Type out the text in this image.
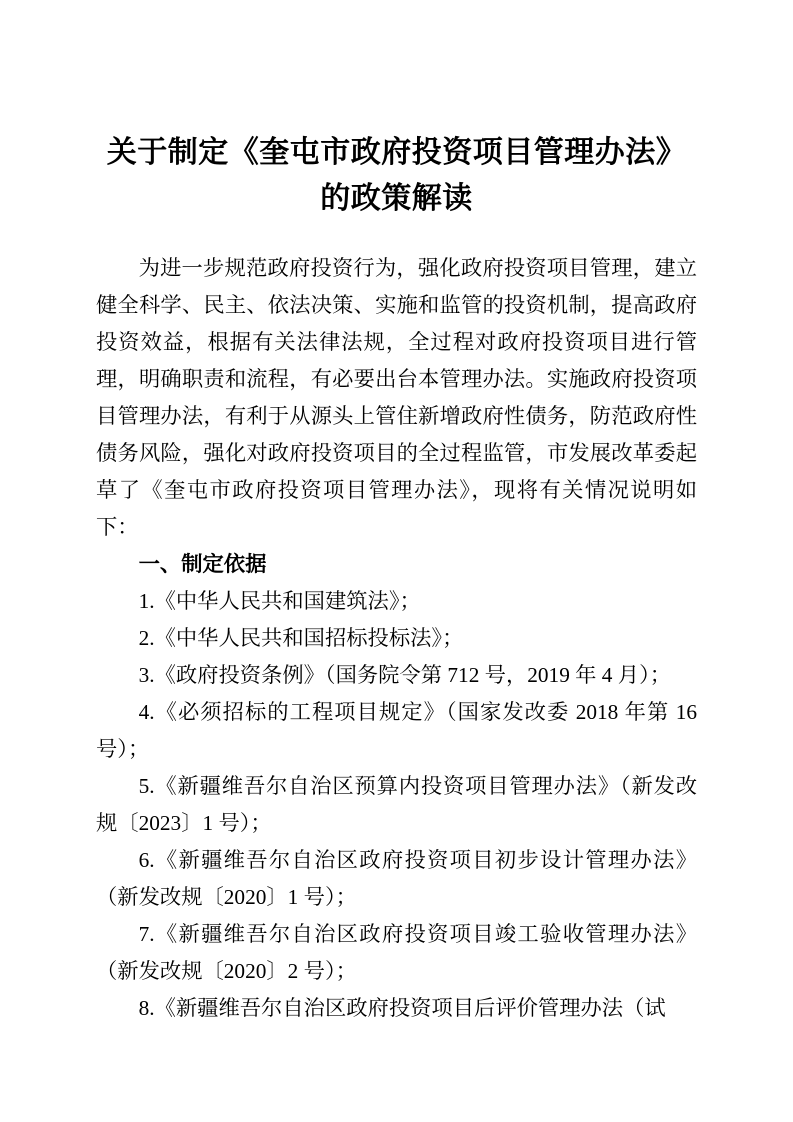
关于制定《奎屯市政府投资项目管理办法》
的政策解读

为进一步规范政府投资行为，强化政府投资项目管理，建立健全科学、民主、依法决策、实施和监管的投资机制，提高政府投资效益，根据有关法律法规，全过程对政府投资项目进行管理，明确职责和流程，有必要出台本管理办法。实施政府投资项目管理办法，有利于从源头上管住新增政府性债务，防范政府性债务风险，强化对政府投资项目的全过程监管，市发展改革委起草了《奎屯市政府投资项目管理办法》，现将有关情况说明如下：

一、制定依据

1.《中华人民共和国建筑法》；

2.《中华人民共和国招标投标法》；

3.《政府投资条例》（国务院令第 712 号，2019 年 4 月）；

4.《必须招标的工程项目规定》（国家发改委 2018 年第 16 号）；

5.《新疆维吾尔自治区预算内投资项目管理办法》（新发改规〔2023〕1 号）；

6.《新疆维吾尔自治区政府投资项目初步设计管理办法》（新发改规〔2020〕1 号）；

7.《新疆维吾尔自治区政府投资项目竣工验收管理办法》（新发改规〔2020〕2 号）；

8.《新疆维吾尔自治区政府投资项目后评价管理办法（试
